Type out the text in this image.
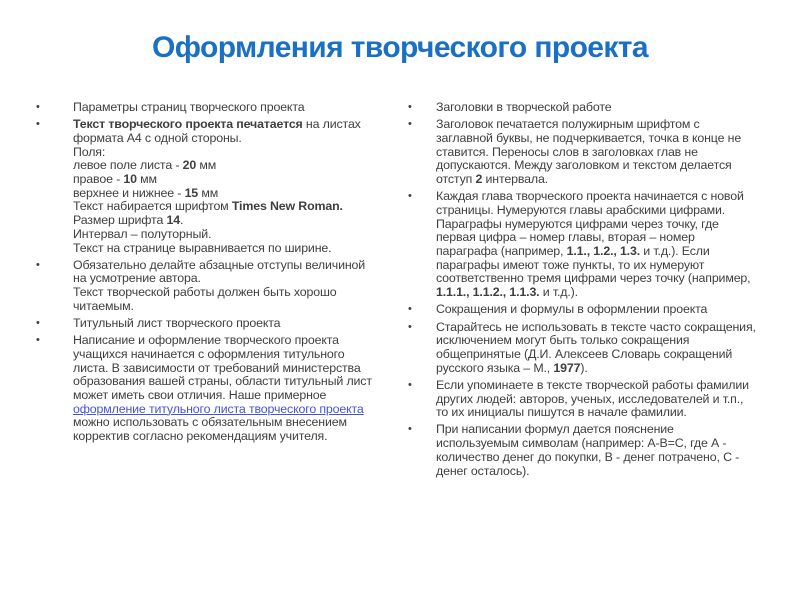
Оформления творческого проекта
•	Параметры страниц творческого проекта
•	Текст творческого проекта печатается на листах формата А4 с одной стороны.
Поля:
левое поле листа - 20 мм
правое - 10 мм
верхнее и нижнее - 15 мм
Текст набирается шрифтом Times New Roman.
Размер шрифта 14.
Интервал – полуторный.
Текст на странице выравнивается по ширине.
•	Обязательно делайте абзацные отступы величиной на усмотрение автора.
Текст творческой работы должен быть хорошо читаемым.
•	Титульный лист творческого проекта
•	Написание и оформление творческого проекта учащихся начинается с оформления титульного листа. В зависимости от требований министерства образования вашей страны, области титульный лист может иметь свои отличия. Наше примерное оформление титульного листа творческого проекта можно использовать с обязательным внесением корректив согласно рекомендациям учителя.
•	Заголовки в творческой работе
•	Заголовок печатается полужирным шрифтом с заглавной буквы, не подчеркивается, точка в конце не ставится. Переносы слов в заголовках глав не допускаются. Между заголовком и текстом делается отступ 2 интервала.
•	Каждая глава творческого проекта начинается с новой страницы. Нумеруются главы арабскими цифрами. Параграфы нумеруются цифрами через точку, где первая цифра – номер главы, вторая – номер параграфа (например, 1.1., 1.2., 1.3. и т.д.). Если параграфы имеют тоже пункты, то их нумеруют соответственно тремя цифрами через точку (например, 1.1.1., 1.1.2., 1.1.3. и т.д.).
•	Сокращения и формулы в оформлении проекта
•	Старайтесь не использовать в тексте часто сокращения, исключением могут быть только сокращения общепринятые (Д.И. Алексеев Словарь сокращений русского языка – М., 1977).
•	Если упоминаете в тексте творческой работы фамилии других людей: авторов, ученых, исследователей и т.п., то их инициалы пишутся в начале фамилии.
•	При написании формул дается пояснение используемым символам (например: А-В=С, где А - количество денег до покупки, В - денег потрачено, С - денег осталось).
